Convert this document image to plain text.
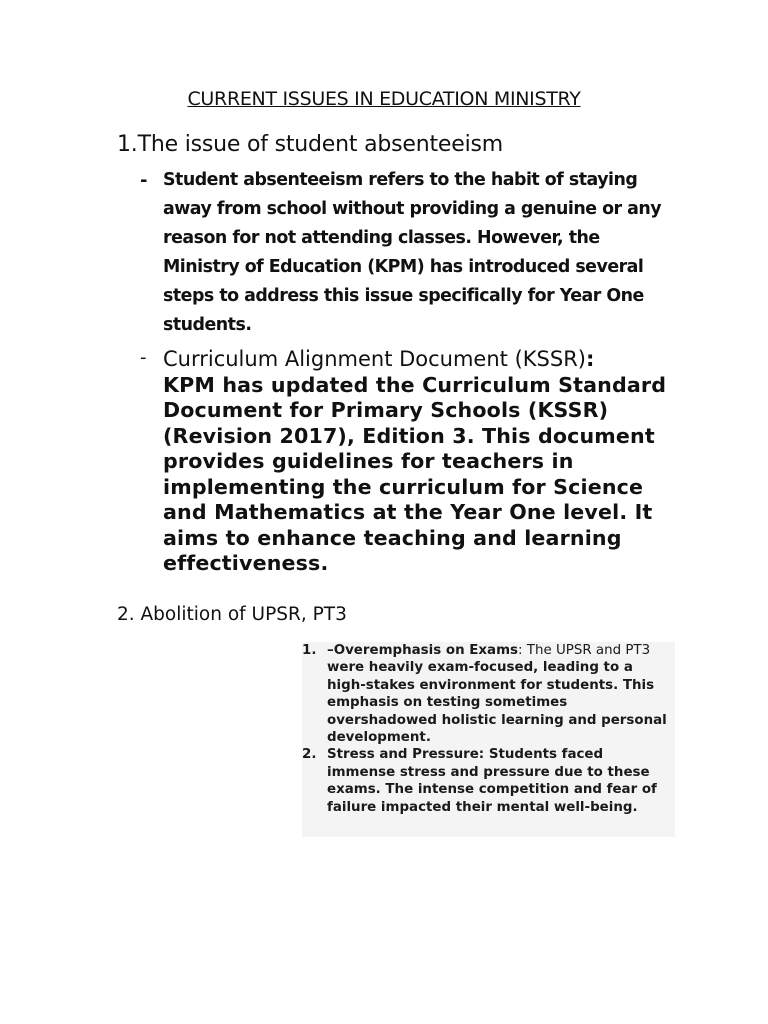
CURRENT ISSUES IN EDUCATION MINISTRY
1.The issue of student absenteeism
- Student absenteeism refers to the habit of staying away from school without providing a genuine or any reason for not attending classes. However, the Ministry of Education (KPM) has introduced several steps to address this issue specifically for Year One students.
- Curriculum Alignment Document (KSSR):
KPM has updated the Curriculum Standard Document for Primary Schools (KSSR) (Revision 2017), Edition 3. This document provides guidelines for teachers in implementing the curriculum for Science and Mathematics at the Year One level. It aims to enhance teaching and learning effectiveness.
2. Abolition of UPSR, PT3
1. –Overemphasis on Exams: The UPSR and PT3 were heavily exam-focused, leading to a high-stakes environment for students. This emphasis on testing sometimes overshadowed holistic learning and personal development.
2. Stress and Pressure: Students faced immense stress and pressure due to these exams. The intense competition and fear of failure impacted their mental well-being.
